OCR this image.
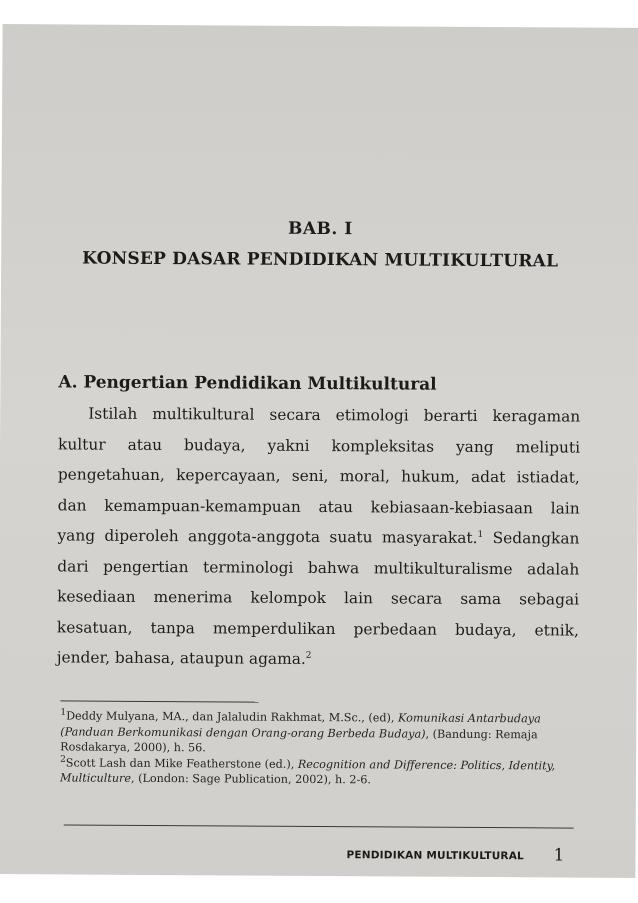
BAB. I
KONSEP DASAR PENDIDIKAN MULTIKULTURAL
A. Pengertian Pendidikan Multikultural
Istilah multikultural secara etimologi berarti keragaman
kultur atau budaya, yakni kompleksitas yang meliputi
pengetahuan, kepercayaan, seni, moral, hukum, adat istiadat,
dan kemampuan-kemampuan atau kebiasaan-kebiasaan lain
yang diperoleh anggota-anggota suatu masyarakat.$^1$ Sedangkan
dari pengertian terminologi bahwa multikulturalisme adalah
kesediaan menerima kelompok lain secara sama sebagai
kesatuan, tanpa memperdulikan perbedaan budaya, etnik,
jender, bahasa, ataupun agama.$^2$
$^1$Deddy Mulyana, MA., dan Jalaludin Rakhmat, M.Sc., (ed), Komunikasi Antarbudaya (Panduan Berkomunikasi dengan Orang-orang Berbeda Budaya), (Bandung: Remaja Rosdakarya, 2000), h. 56.
$^2$Scott Lash dan Mike Featherstone (ed.), Recognition and Difference: Politics, Identity, Multiculture, (London: Sage Publication, 2002), h. 2-6.
PENDIDIKAN MULTIKULTURAL 1
